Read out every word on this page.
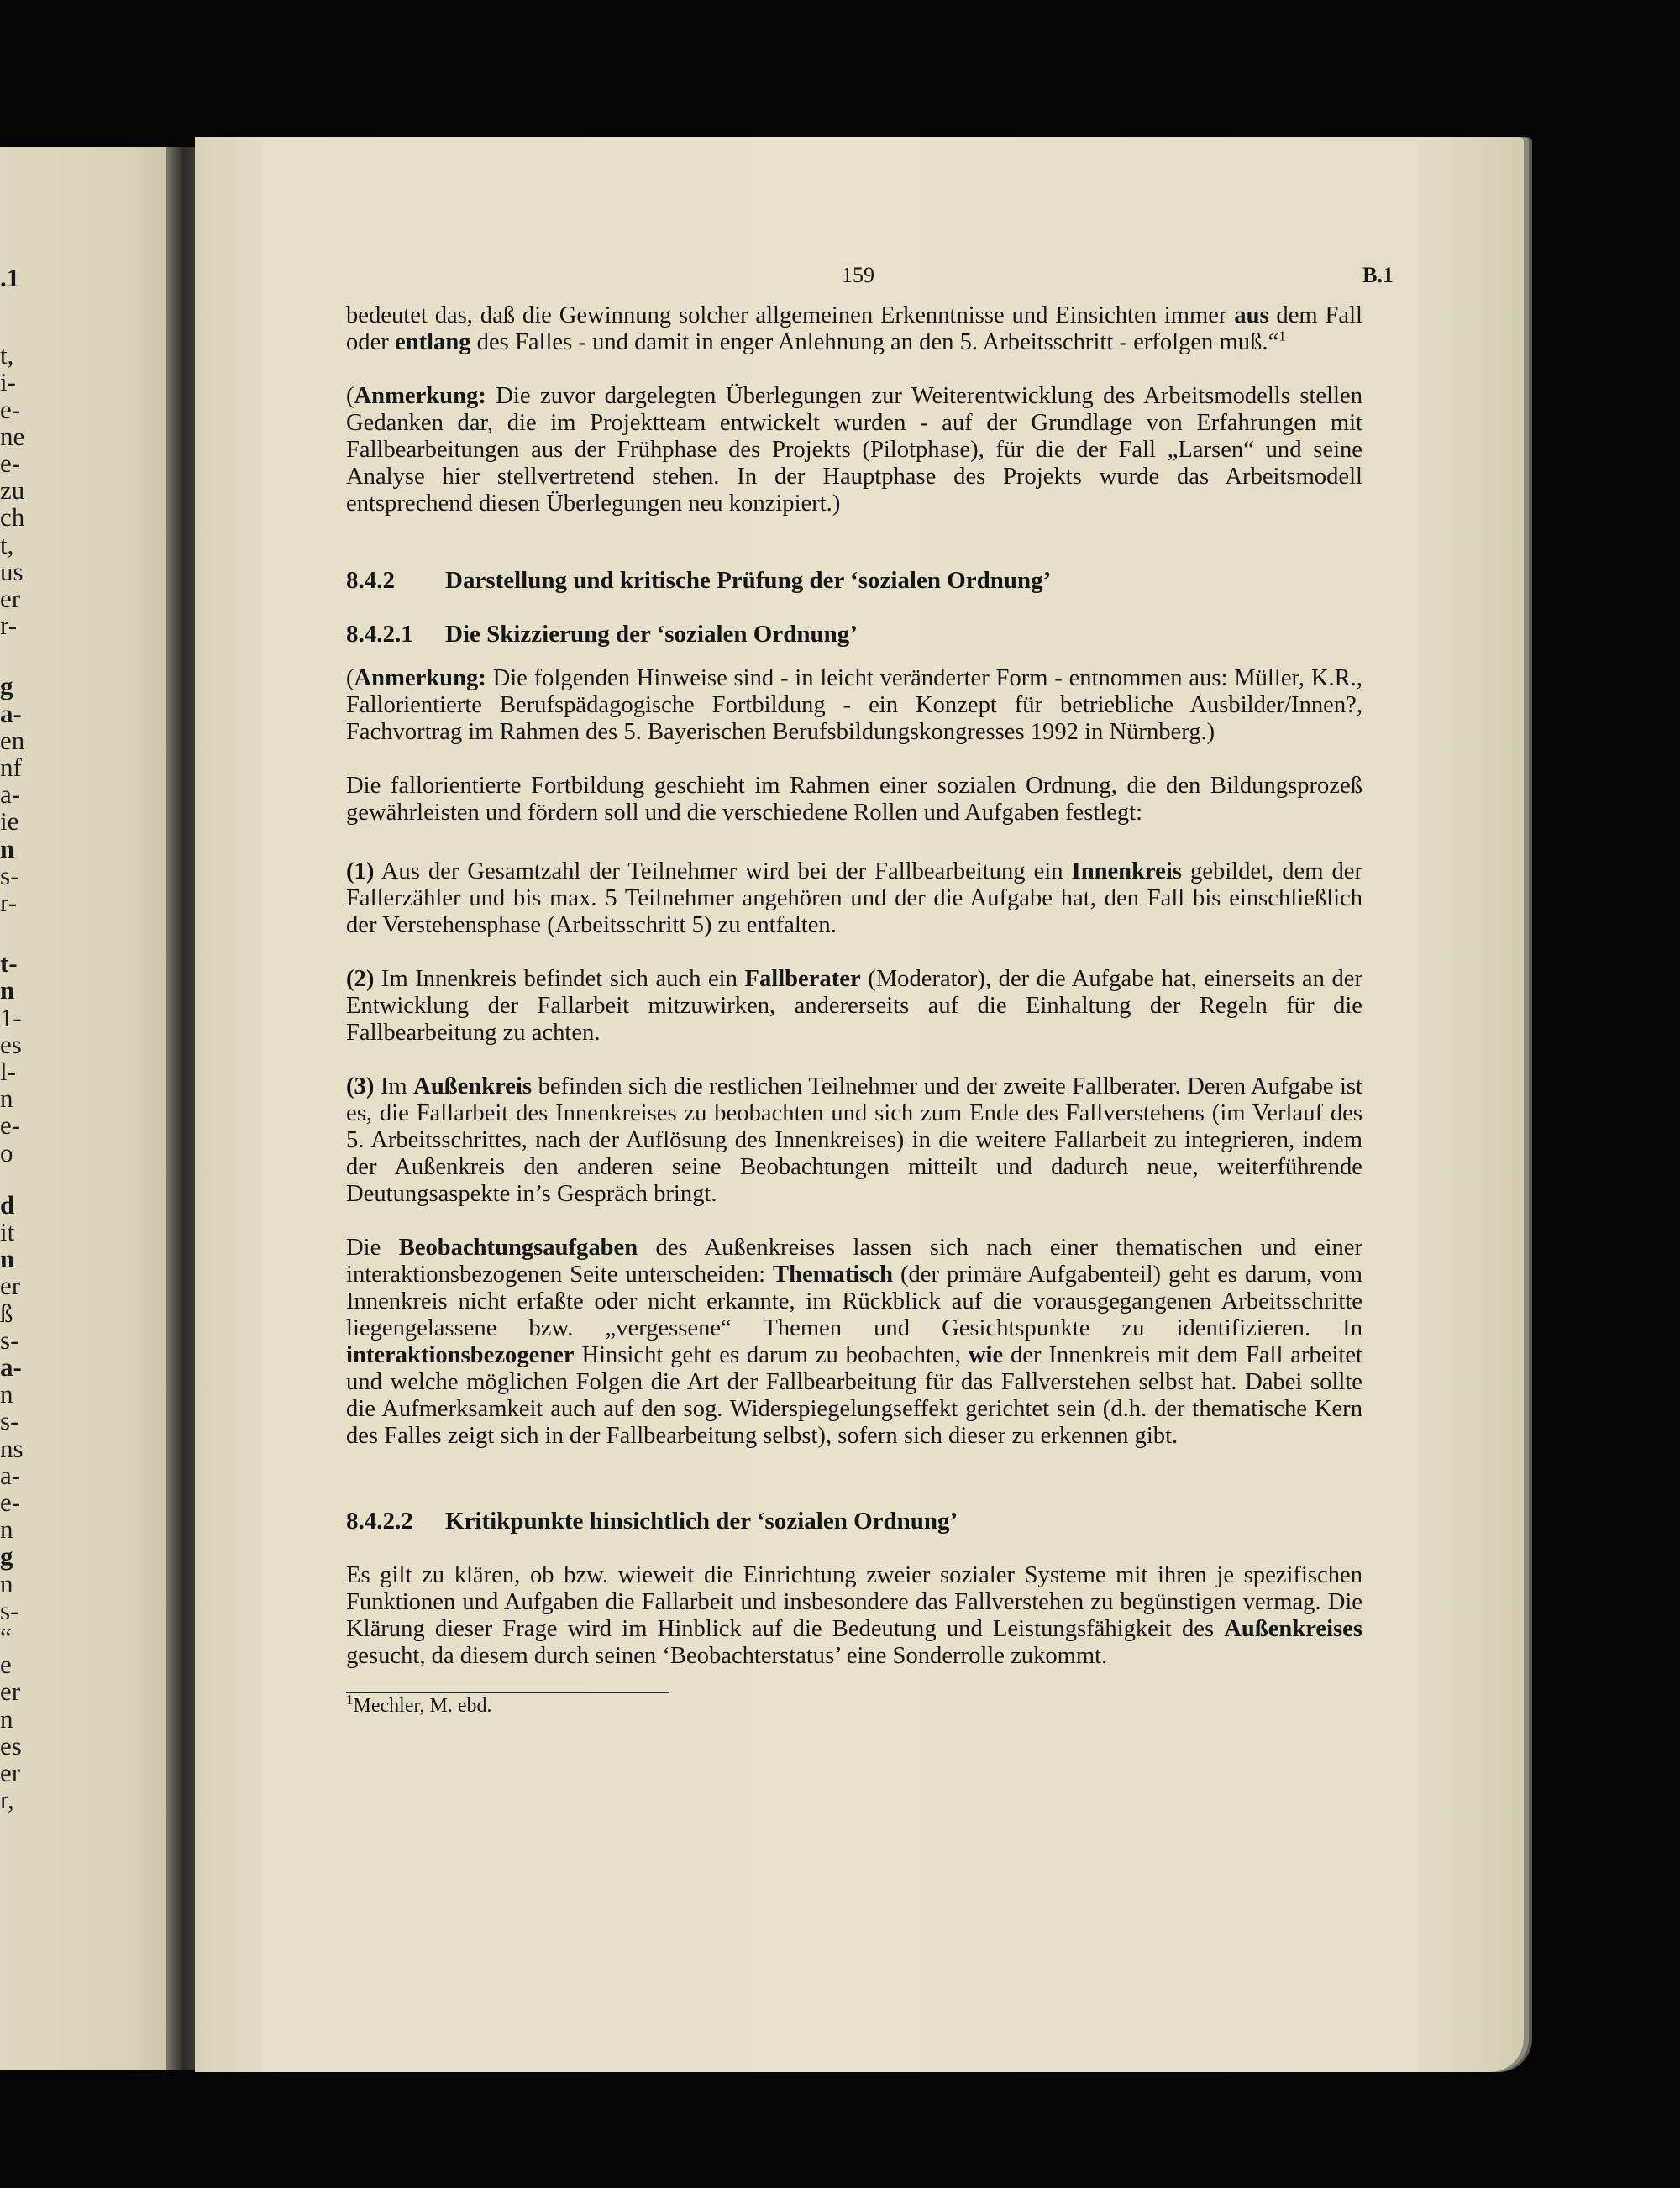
.1
t,
i-
e-
ne
e-
zu
ch
t,
us
er
r-
g
a-
en
nf
a-
ie
n
s-
r-
t-
n
1-
es
l-
n
e-
o
d
it
n
er
ß
s-
a-
n
s-
ns
a-
e-
n
g
n
s-
“
e
er
n
es
er
r,
159	B.1

bedeutet das, daß die Gewinnung solcher allgemeinen Erkenntnisse und Einsichten immer aus dem Fall oder entlang des Falles - und damit in enger Anlehnung an den 5. Arbeitsschritt - erfolgen muß.“$^1$

(Anmerkung: Die zuvor dargelegten Überlegungen zur Weiterentwicklung des Arbeitsmodells stellen Gedanken dar, die im Projektteam entwickelt wurden - auf der Grundlage von Erfahrungen mit Fallbearbeitungen aus der Frühphase des Projekts (Pilotphase), für die der Fall „Larsen“ und seine Analyse hier stellvertretend stehen. In der Hauptphase des Projekts wurde das Arbeitsmodell entsprechend diesen Überlegungen neu konzipiert.)

8.4.2 Darstellung und kritische Prüfung der ‘sozialen Ordnung’
8.4.2.1 Die Skizzierung der ‘sozialen Ordnung’

(Anmerkung: Die folgenden Hinweise sind - in leicht veränderter Form - entnommen aus: Müller, K.R., Fallorientierte Berufspädagogische Fortbildung - ein Konzept für betriebliche Ausbilder/Innen?, Fachvortrag im Rahmen des 5. Bayerischen Berufsbildungskongresses 1992 in Nürnberg.)

Die fallorientierte Fortbildung geschieht im Rahmen einer sozialen Ordnung, die den Bildungsprozeß gewährleisten und fördern soll und die verschiedene Rollen und Aufgaben festlegt:

(1) Aus der Gesamtzahl der Teilnehmer wird bei der Fallbearbeitung ein Innenkreis gebildet, dem der Fallerzähler und bis max. 5 Teilnehmer angehören und der die Aufgabe hat, den Fall bis einschließlich der Verstehensphase (Arbeitsschritt 5) zu entfalten.

(2) Im Innenkreis befindet sich auch ein Fallberater (Moderator), der die Aufgabe hat, einerseits an der Entwicklung der Fallarbeit mitzuwirken, andererseits auf die Einhaltung der Regeln für die Fallbearbeitung zu achten.

(3) Im Außenkreis befinden sich die restlichen Teilnehmer und der zweite Fallberater. Deren Aufgabe ist es, die Fallarbeit des Innenkreises zu beobachten und sich zum Ende des Fallverstehens (im Verlauf des 5. Arbeitsschrittes, nach der Auflösung des Innenkreises) in die weitere Fallarbeit zu integrieren, indem der Außenkreis den anderen seine Beobachtungen mitteilt und dadurch neue, weiterführende Deutungsaspekte in’s Gespräch bringt.

Die Beobachtungsaufgaben des Außenkreises lassen sich nach einer thematischen und einer interaktionsbezogenen Seite unterscheiden: Thematisch (der primäre Aufgabenteil) geht es darum, vom Innenkreis nicht erfaßte oder nicht erkannte, im Rückblick auf die vorausgegangenen Arbeitsschritte liegengelassene bzw. „vergessene“ Themen und Gesichtspunkte zu identifizieren. In interaktionsbezogener Hinsicht geht es darum zu beobachten, wie der Innenkreis mit dem Fall arbeitet und welche möglichen Folgen die Art der Fallbearbeitung für das Fallverstehen selbst hat. Dabei sollte die Aufmerksamkeit auch auf den sog. Widerspiegelungseffekt gerichtet sein (d.h. der thematische Kern des Falles zeigt sich in der Fallbearbeitung selbst), sofern sich dieser zu erkennen gibt.

8.4.2.2 Kritikpunkte hinsichtlich der ‘sozialen Ordnung’

Es gilt zu klären, ob bzw. wieweit die Einrichtung zweier sozialer Systeme mit ihren je spezifischen Funktionen und Aufgaben die Fallarbeit und insbesondere das Fallverstehen zu begünstigen vermag. Die Klärung dieser Frage wird im Hinblick auf die Bedeutung und Leistungsfähigkeit des Außenkreises gesucht, da diesem durch seinen ‘Beobachterstatus’ eine Sonderrolle zukommt.

$^1$Mechler, M. ebd.
